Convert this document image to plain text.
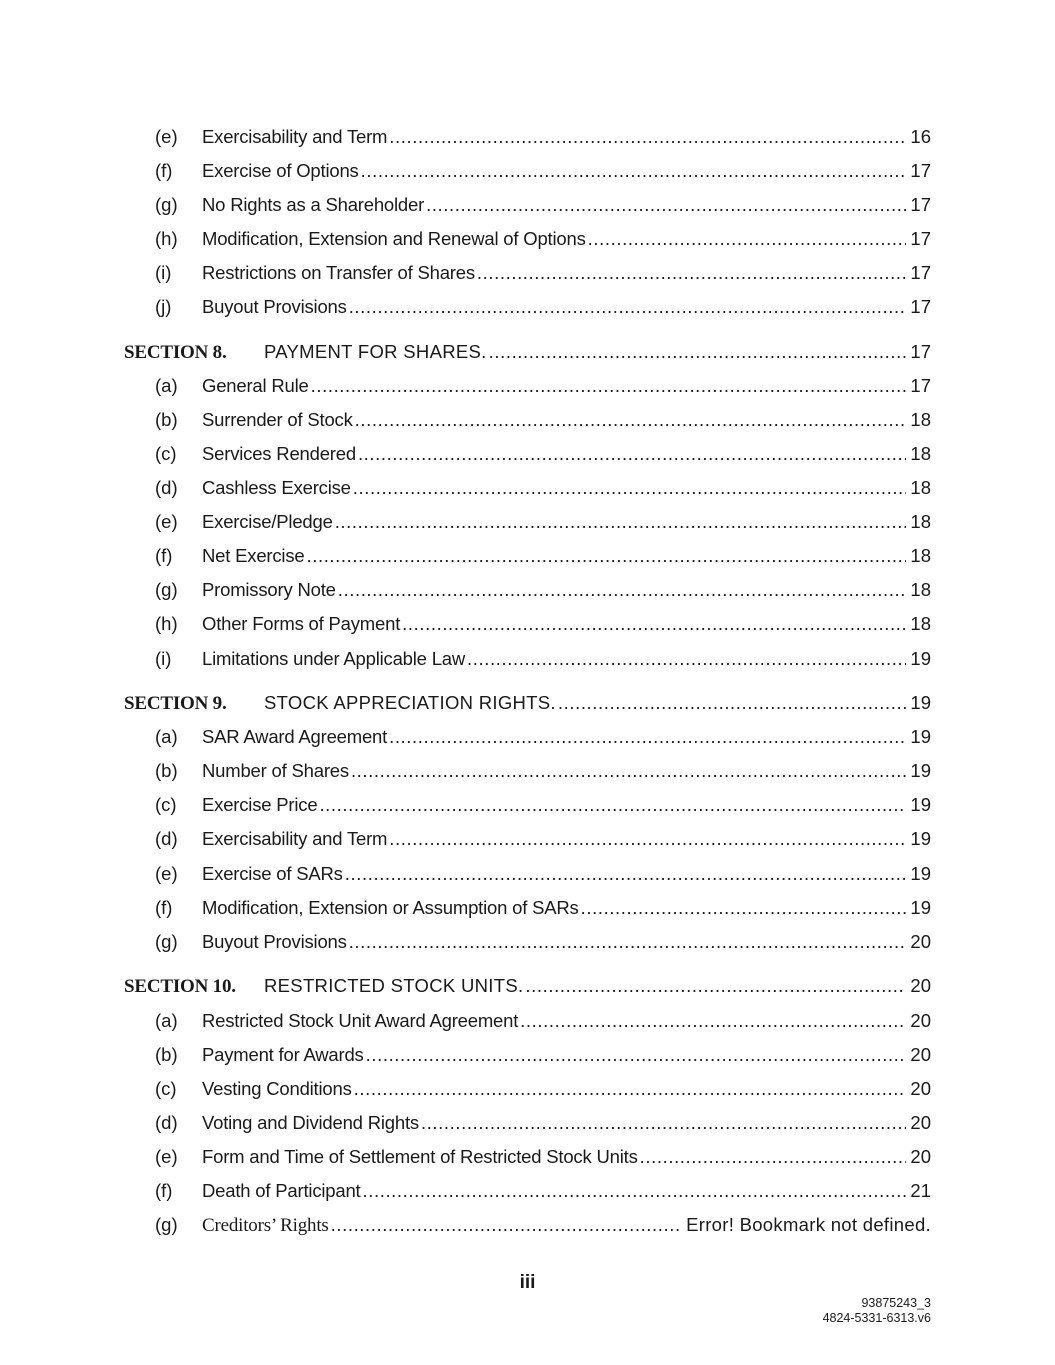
(e) Exercisability and Term .....	16
(f) Exercise of Options .....	17
(g) No Rights as a Shareholder .....	17
(h) Modification, Extension and Renewal of Options .....	17
(i) Restrictions on Transfer of Shares .....	17
(j) Buyout Provisions .....	17
SECTION 8. PAYMENT FOR SHARES. .....	17
(a) General Rule .....	17
(b) Surrender of Stock .....	18
(c) Services Rendered .....	18
(d) Cashless Exercise .....	18
(e) Exercise/Pledge .....	18
(f) Net Exercise .....	18
(g) Promissory Note .....	18
(h) Other Forms of Payment .....	18
(i) Limitations under Applicable Law .....	19
SECTION 9. STOCK APPRECIATION RIGHTS. .....	19
(a) SAR Award Agreement .....	19
(b) Number of Shares .....	19
(c) Exercise Price .....	19
(d) Exercisability and Term .....	19
(e) Exercise of SARs .....	19
(f) Modification, Extension or Assumption of SARs .....	19
(g) Buyout Provisions .....	20
SECTION 10. RESTRICTED STOCK UNITS. .....	20
(a) Restricted Stock Unit Award Agreement .....	20
(b) Payment for Awards .....	20
(c) Vesting Conditions .....	20
(d) Voting and Dividend Rights .....	20
(e) Form and Time of Settlement of Restricted Stock Units .....	20
(f) Death of Participant .....	21
(g) Creditors’ Rights .....	Error! Bookmark not defined.
iii
93875243_3
4824-5331-6313.v6
